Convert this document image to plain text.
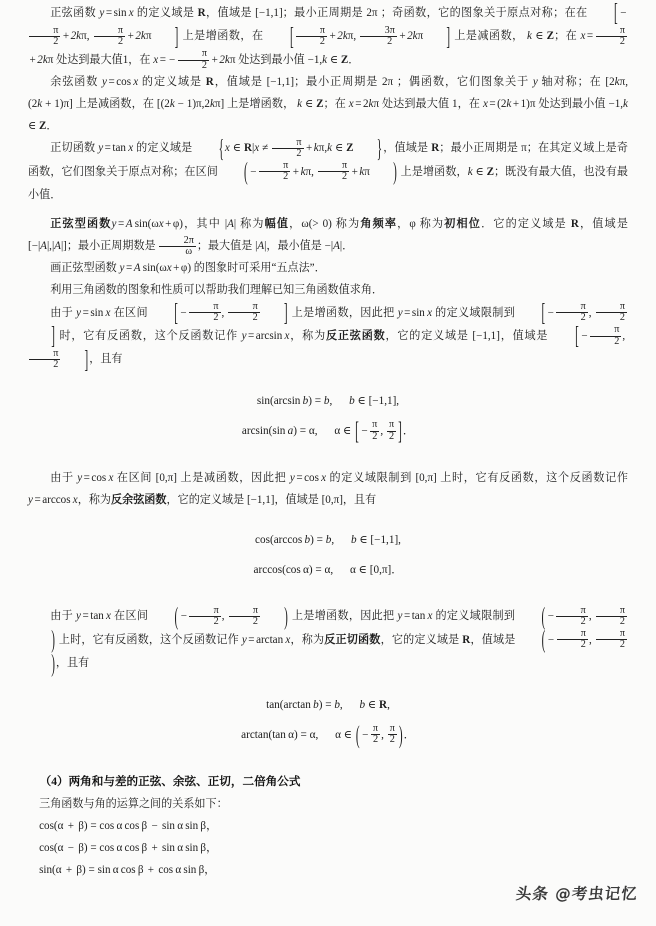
正弦函数 y = sin  x 的定义域是 R，值域是 [−1,1]；最小正周期是 2π ；奇函数，它的图象关于原点对称；在在 [ −
$\frac{\pi}{2} + 2k\pi$, $\frac{\pi}{2} + 2k\pi$ ] 上是增函数，在 [ $\frac{\pi}{2} + 2k\pi$, $\frac{3\pi}{2} + 2k\pi$ ] 上是减函数， k ∈ Z；在 $x = \frac{\pi}{2}$
+ 2kπ 处达到最大值1，在 x = − $\frac{\pi}{2} + 2k\pi$ 处达到最小值 −1,k ∈ Z．

余弦函数 y = cos  x 的定义域是 R，值域是 [−1,1]；最小正周期是 2π ；偶函数，它们图象关于 y 轴对称；在 [2kπ,(2k + 1)π] 上是减函数，在 [(2k − 1)π,2kπ] 上是增函数， k ∈ Z；在 x = 2kπ 处达到最大值 1，在 x = (2k + 1)π 处达到最小值 −1,k ∈ Z．

正切函数 y = tan  x 的定义域是 {x ∈ $R|x \ne \frac{\pi}{2} + k\pi,k$ ∈ Z }，值域是 R；最小正周期是 π；在其定义域上是奇函数，它们图象关于原点对称；在区间 ( − $\frac{\pi}{2} + k\pi$, $\frac{\pi}{2} + k\pi$ ) 上是增函数，k ∈ Z；既没有最大值，也没有最小值．

正弦型函数y = A  sin(ωx + φ)，其中 |A| 称为幅值，ω(> 0) 称为角频率，φ 称为初相位．它的定义域是 R，值域是 [−|A|,|A|]；最小正周期数是 $\frac{2\pi}{\omega}$ ；最大值是 |A|，最小值是 −|A|．

画正弦型函数 y = A  sin(ωx + φ) 的图象时可采用“五点法”．

利用三角函数的图象和性质可以帮助我们理解已知三角函数值求角．

由于 y = sin  x 在区间 [ − $\frac{\pi}{2}$ , $\frac{\pi}{2}$ ] 上是增函数，因此把 y = sin  x 的定义域限制到 [ − $\frac{\pi}{2}$ , $\frac{\pi}{2}$
] 时，它有反函数，这个反函数记作 y = arcsin  x，称为反正弦函数，它的定义域是 [−1,1]，值域是 [ − $\frac{\pi}{2}$ ,
$\frac{\pi}{2}$ ]，且有

sin(arcsin  b) = b, b ∈ [−1,1],
arcsin(sin  a) = α, α ∈ [ − $\frac{\pi}{2}$ , $\frac{\pi}{2}$ ]．

由于 y = cos  x 在区间 [0,π] 上是减函数，因此把 y = cos  x 的定义域限制到 [0,π] 上时，它有反函数，这个反函数记作 y = arccos  x，称为反余弦函数，它的定义域是 [−1,1]，值域是 [0,π]，且有

cos(arccos  b) = b, b ∈ [−1,1],
arccos(cos  α) = α, α ∈ [0,π]．

由于 y = tan  x 在区间 ( − $\frac{\pi}{2}$ , $\frac{\pi}{2}$ ) 上是增函数，因此把 y = tan  x 的定义域限制到 ( − $\frac{\pi}{2}$ , $\frac{\pi}{2}$
) 上时，它有反函数，这个反函数记作 y = arctan  x，称为反正切函数，它的定义域是 R，值域是 ( − $\frac{\pi}{2}$ , $\frac{\pi}{2}$
)，且有

tan(arctan  b) = b, b ∈ R,
arctan(tan  α) = α, α ∈ ( − $\frac{\pi}{2}$ , $\frac{\pi}{2}$ )．
（4）两角和与差的正弦、余弦、正切，二倍角公式

三角函数与角的运算之间的关系如下：

cos(α + β) = cos  α  cos  β − sin  α  sin  β，

cos(α − β) = cos  α  cos  β + sin  α  sin  β，

sin(α + β) = sin  α  cos  β + cos  α  sin  β，

头条 @考虫记忆
